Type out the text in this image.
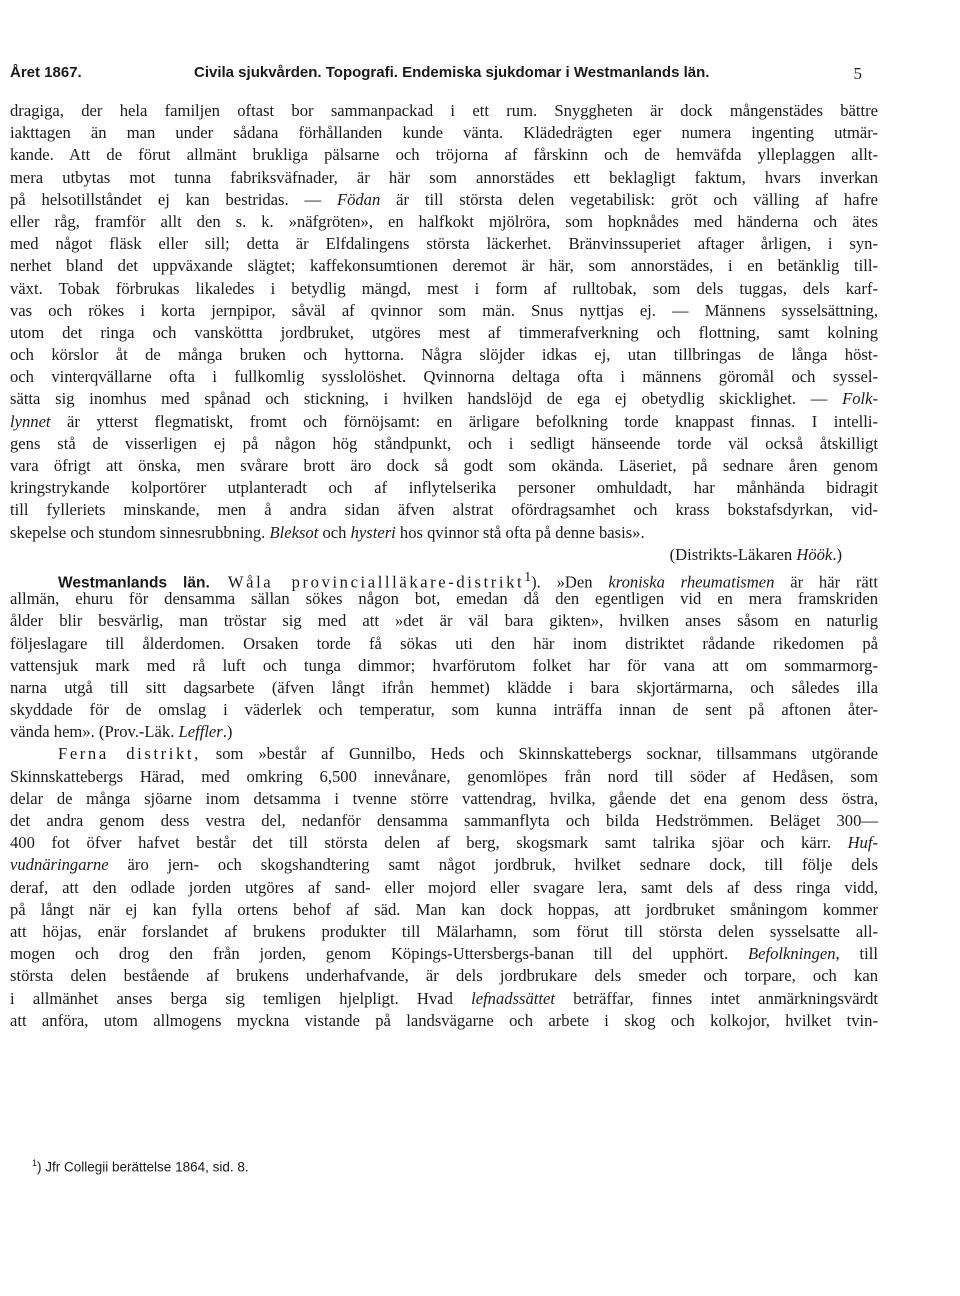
Året 1867.	Civila sjukvården. Topografi. Endemiska sjukdomar i Westmanlands län.	5
dragiga, der hela familjen oftast bor sammanpackad i ett rum. Snyggheten är dock mångenstädes bättre
iakttagen än man under sådana förhållanden kunde vänta. Klädedrägten eger numera ingenting utmär-
kande. Att de förut allmänt brukliga pälsarne och tröjorna af fårskinn och de hemväfda ylleplaggen allt-
mera utbytas mot tunna fabriksväfnader, är här som annorstädes ett beklagligt faktum, hvars inverkan
på helsotillståndet ej kan bestridas. — Födan är till största delen vegetabilisk: gröt och välling af hafre
eller råg, framför allt den s. k. »näfgröten», en halfkokt mjölröra, som hopknådes med händerna och ätes
med något fläsk eller sill; detta är Elfdalingens största läckerhet. Bränvinssuperiet aftager årligen, i syn-
nerhet bland det uppväxande slägtet; kaffekonsumtionen deremot är här, som annorstädes, i en betänklig till-
växt. Tobak förbrukas likaledes i betydlig mängd, mest i form af rulltobak, som dels tuggas, dels karf-
vas och rökes i korta jernpipor, såväl af qvinnor som män. Snus nyttjas ej. — Männens sysselsättning,
utom det ringa och vansköttta jordbruket, utgöres mest af timmerafverkning och flottning, samt kolning
och körslor åt de många bruken och hyttorna. Några slöjder idkas ej, utan tillbringas de långa höst-
och vinterqvällarne ofta i fullkomlig sysslolöshet. Qvinnorna deltaga ofta i männens göromål och syssel-
sätta sig inomhus med spånad och stickning, i hvilken handslöjd de ega ej obetydlig skicklighet. — Folk-
lynnet är ytterst flegmatiskt, fromt och förnöjsamt: en ärligare befolkning torde knappast finnas. I intelli-
gens stå de visserligen ej på någon hög ståndpunkt, och i sedligt hänseende torde väl också åtskilligt
vara öfrigt att önska, men svårare brott äro dock så godt som okända. Läseriet, på sednare åren genom
kringstrykande kolportörer utplanteradt och af inflytelserika personer omhuldadt, har månhända bidragit
till fylleriets minskande, men å andra sidan äfven alstrat ofördragsamhet och krass bokstafsdyrkan, vid-
skepelse och stundom sinnesrubbning. Bleksot och hysteri hos qvinnor stå ofta på denne basis».
(Distrikts-Läkaren Höök.)
Westmanlands län. Wåla provinciallläkare-distrikt$^1$). »Den kroniska rheumatismen är här rätt
allmän, ehuru för densamma sällan sökes någon bot, emedan då den egentligen vid en mera framskriden
ålder blir besvärlig, man tröstar sig med att »det är väl bara gikten», hvilken anses såsom en naturlig
följeslagare till ålderdomen. Orsaken torde få sökas uti den här inom distriktet rådande rikedomen på
vattensjuk mark med rå luft och tunga dimmor; hvarförutom folket har för vana att om sommarmorg-
narna utgå till sitt dagsarbete (äfven långt ifrån hemmet) klädde i bara skjortärmarna, och således illa
skyddade för de omslag i väderlek och temperatur, som kunna inträffa innan de sent på aftonen åter-
vända hem». (Prov.-Läk. Leffler.)
Ferna distrikt, som »består af Gunnilbo, Heds och Skinnskattebergs socknar, tillsammans utgörande
Skinnskattebergs Härad, med omkring 6,500 innevånare, genomlöpes från nord till söder af Hedåsen, som
delar de många sjöarne inom detsamma i tvenne större vattendrag, hvilka, gående det ena genom dess östra,
det andra genom dess vestra del, nedanför densamma sammanflyta och bilda Hedströmmen. Beläget 300—
400 fot öfver hafvet består det till största delen af berg, skogsmark samt talrika sjöar och kärr. Huf-
vudnäringarne äro jern- och skogshandtering samt något jordbruk, hvilket sednare dock, till följe dels
deraf, att den odlade jorden utgöres af sand- eller mojord eller svagare lera, samt dels af dess ringa vidd,
på långt när ej kan fylla ortens behof af säd. Man kan dock hoppas, att jordbruket småningom kommer
att höjas, enär forslandet af brukens produkter till Mälarhamn, som förut till största delen sysselsatte all-
mogen och drog den från jorden, genom Köpings-Uttersbergs-banan till del upphört. Befolkningen, till
största delen bestående af brukens underhafvande, är dels jordbrukare dels smeder och torpare, och kan
i allmänhet anses berga sig temligen hjelpligt. Hvad lefnadssättet beträffar, finnes intet anmärkningsvärdt
att anföra, utom allmogens myckna vistande på landsvägarne och arbete i skog och kolkojor, hvilket tvin-
$^1$) Jfr Collegii berättelse 1864, sid. 8.
